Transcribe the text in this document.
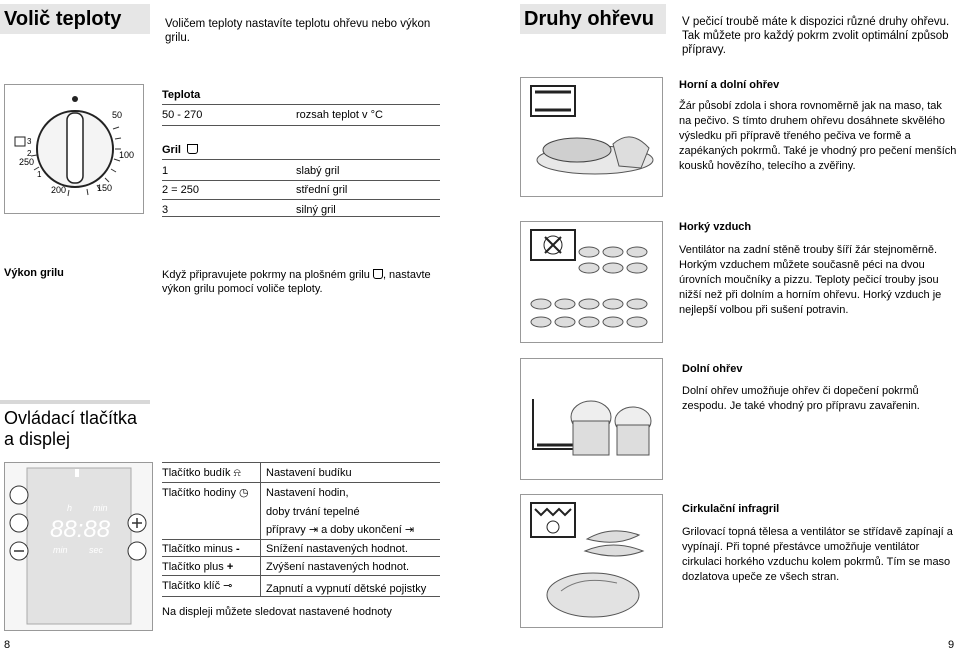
Volič teploty	Voličem teploty nastavíte teplotu ohřevu nebo výkon grilu.
50
100
150
200
250
1
2
3
Teplota
50 - 270	rozsah teplot v °C
Gril
1	slabý gril
2 = 250	střední gril
3	silný gril
Výkon grilu	Když připravujete pokrmy na plošném grilu , nastavte výkon grilu pomocí voliče teploty.
Ovládací tlačítka
a displej
h min
min sec
88:88
Tlačítko budík ⍾ Nastavení budíku
Tlačítko hodiny ◷ Nastavení hodin,
doby trvání tepelné
přípravy ⇥ a doby ukončení ⇥
Tlačítko minus - Snížení nastavených hodnot.
Tlačítko plus +	Zvýšení nastavených hodnot.
Tlačítko klíč ⊸	Zapnutí a vypnutí dětské pojistky
Na displeji můžete sledovat nastavené hodnoty
8
Druhy ohřevu	V pečicí troubě máte k dispozici různé druhy ohřevu. Tak můžete pro každý pokrm zvolit optimální způsob přípravy.
Horní a dolní ohřev
Žár působí zdola i shora rovnoměrně jak na maso, tak na pečivo. S tímto druhem ohřevu dosáhnete skvělého výsledku při přípravě třeného pečiva ve formě a zapékaných pokrmů. Také je vhodný pro pečení menších kousků hovězího, telecího a zvěřiny.
Horký vzduch
Ventilátor na zadní stěně trouby šíří žár stejnoměrně. Horkým vzduchem můžete současně péci na dvou úrovních moučníky a pizzu. Teploty pečicí trouby jsou nižší než při dolním a horním ohřevu. Horký vzduch je nejlepší volbou při sušení potravin.
Dolní ohřev
Dolní ohřev umožňuje ohřev či dopečení pokrmů zespodu. Je také vhodný pro přípravu zavařenin.
Cirkulační infragril
Grilovací topná tělesa a ventilátor se střídavě zapínají a vypínají. Při topné přestávce umožňuje ventilátor cirkulaci horkého vzduchu kolem pokrmů. Tím se maso dozlatova upeče ze všech stran.
9
